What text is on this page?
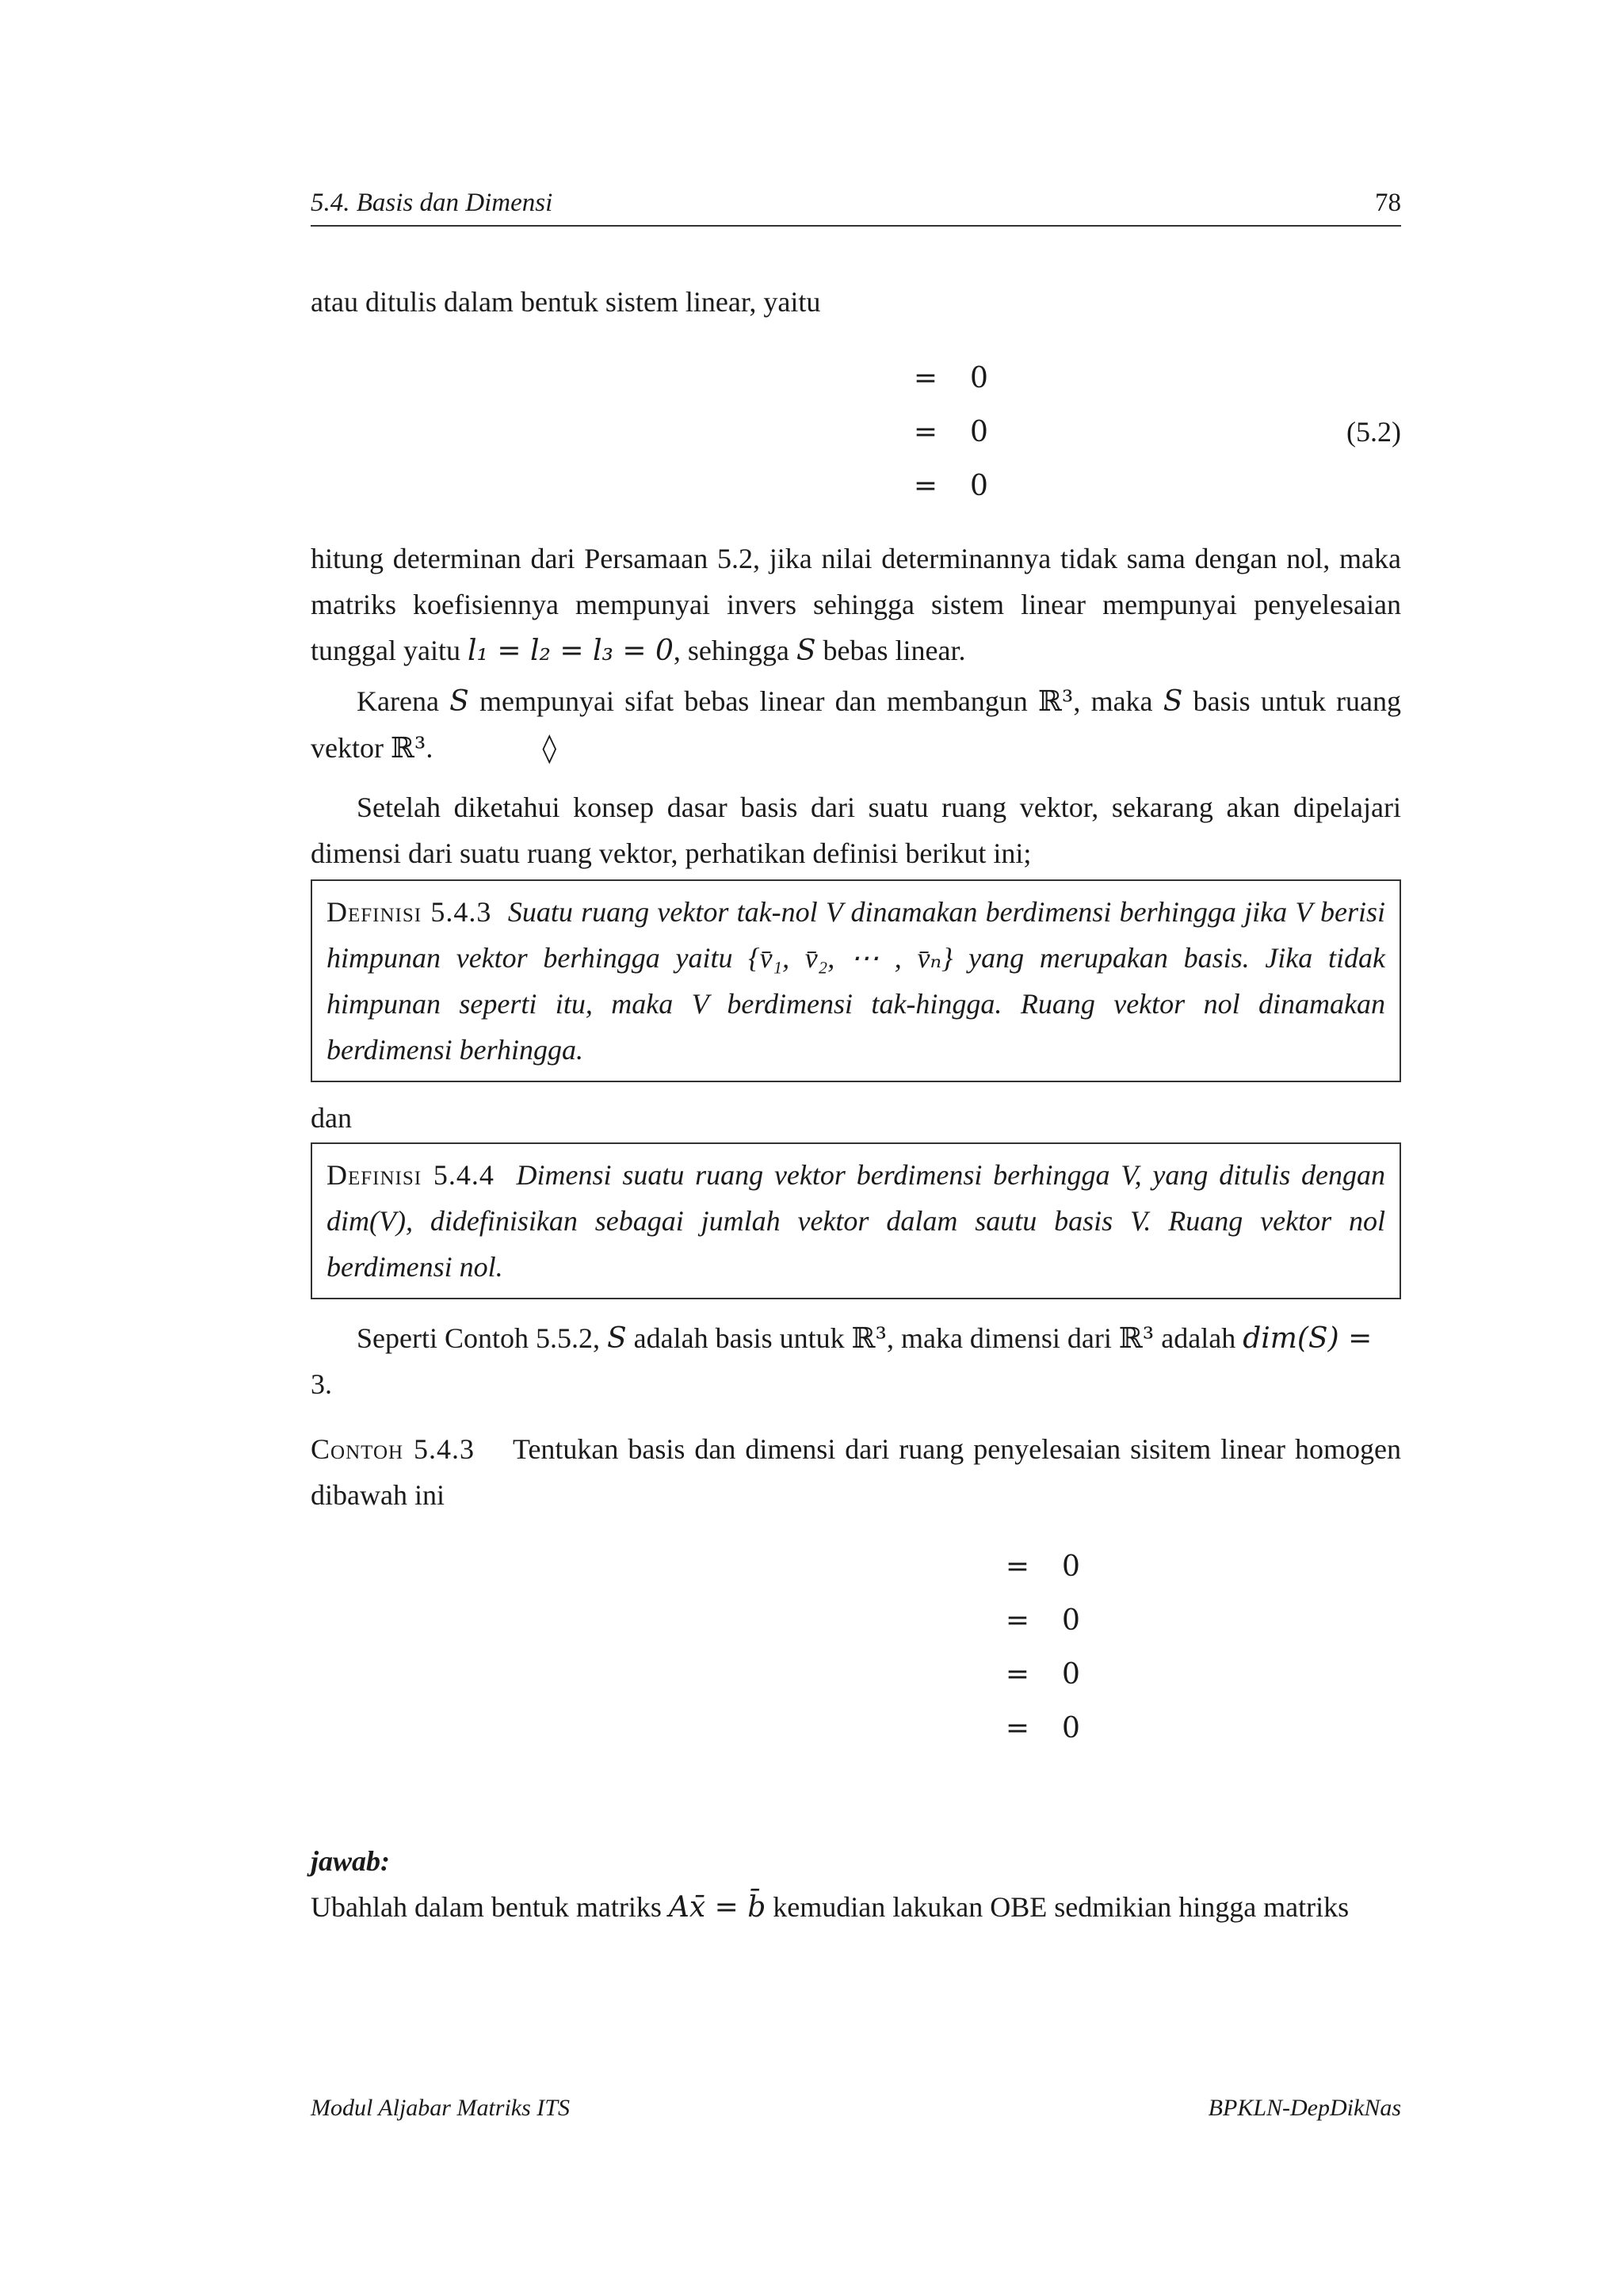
5.4. Basis dan Dimensi	78
atau ditulis dalam bentuk sistem linear, yaitu
= 0
= 0
= 0
(5.2)
hitung determinan dari Persamaan 5.2, jika nilai determinannya tidak sama dengan nol, maka matriks koefisiennya mempunyai invers sehingga sistem linear mempunyai penyelesaian tunggal yaitu l₁ = l₂ = l₃ = 0, sehingga S bebas linear.
Karena S mempunyai sifat bebas linear dan membangun ℝ³, maka S basis untuk ruang vektor ℝ³.	◊
Setelah diketahui konsep dasar basis dari suatu ruang vektor, sekarang akan dipelajari dimensi dari suatu ruang vektor, perhatikan definisi berikut ini;
Definisi 5.4.3 Suatu ruang vektor tak-nol V dinamakan berdimensi berhingga jika V berisi himpunan vektor berhingga yaitu {v̄₁, v̄₂, ⋯ , v̄ₙ} yang merupakan basis. Jika tidak himpunan seperti itu, maka V berdimensi tak-hingga. Ruang vektor nol dinamakan berdimensi berhingga.
dan
Definisi 5.4.4 Dimensi suatu ruang vektor berdimensi berhingga V, yang ditulis dengan dim(V), didefinisikan sebagai jumlah vektor dalam sautu basis V. Ruang vektor nol berdimensi nol.
Seperti Contoh 5.5.2, S adalah basis untuk ℝ³, maka dimensi dari ℝ³ adalah dim(S) =
3.
Contoh 5.4.3 Tentukan basis dan dimensi dari ruang penyelesaian sisitem linear homogen dibawah ini
= 0
= 0
= 0
= 0
jawab:
Ubahlah dalam bentuk matriks Ax̄ = b̄ kemudian lakukan OBE sedmikian hingga matriks
Modul Aljabar Matriks ITS	BPKLN-DepDikNas
